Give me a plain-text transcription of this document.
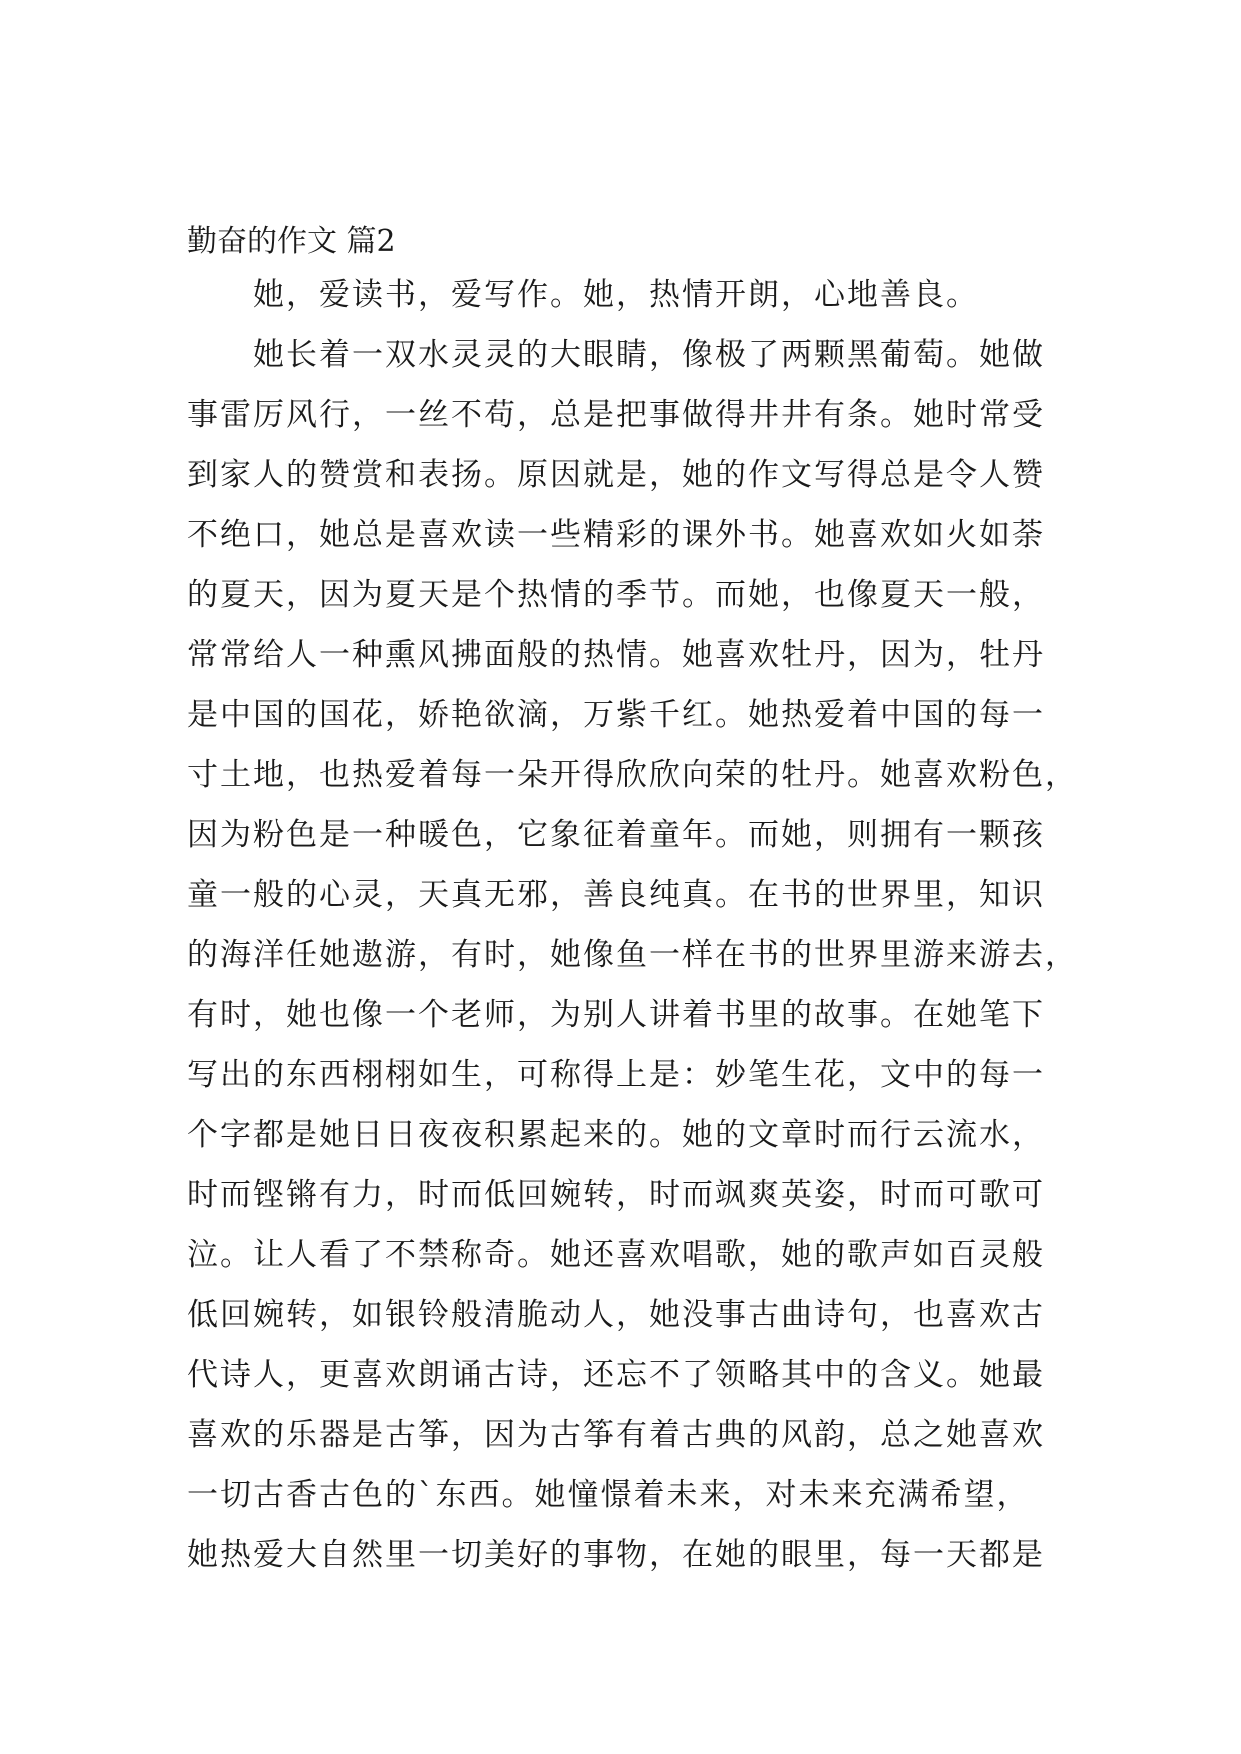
勤奋的作文 篇2
她，爱读书，爱写作。她，热情开朗，心地善良。
她长着一双水灵灵的大眼睛，像极了两颗黑葡萄。她做
事雷厉风行，一丝不苟，总是把事做得井井有条。她时常受
到家人的赞赏和表扬。原因就是，她的作文写得总是令人赞
不绝口，她总是喜欢读一些精彩的课外书。她喜欢如火如荼
的夏天，因为夏天是个热情的季节。而她，也像夏天一般，
常常给人一种熏风拂面般的热情。她喜欢牡丹，因为，牡丹
是中国的国花，娇艳欲滴，万紫千红。她热爱着中国的每一
寸土地，也热爱着每一朵开得欣欣向荣的牡丹。她喜欢粉色，
因为粉色是一种暖色，它象征着童年。而她，则拥有一颗孩
童一般的心灵，天真无邪，善良纯真。在书的世界里，知识
的海洋任她遨游，有时，她像鱼一样在书的世界里游来游去，
有时，她也像一个老师，为别人讲着书里的故事。在她笔下
写出的东西栩栩如生，可称得上是：妙笔生花，文中的每一
个字都是她日日夜夜积累起来的。她的文章时而行云流水，
时而铿锵有力，时而低回婉转，时而飒爽英姿，时而可歌可
泣。让人看了不禁称奇。她还喜欢唱歌，她的歌声如百灵般
低回婉转，如银铃般清脆动人，她没事古曲诗句，也喜欢古
代诗人，更喜欢朗诵古诗，还忘不了领略其中的含义。她最
喜欢的乐器是古筝，因为古筝有着古典的风韵，总之她喜欢
一切古香古色的`东西。她憧憬着未来，对未来充满希望，
她热爱大自然里一切美好的事物，在她的眼里，每一天都是
